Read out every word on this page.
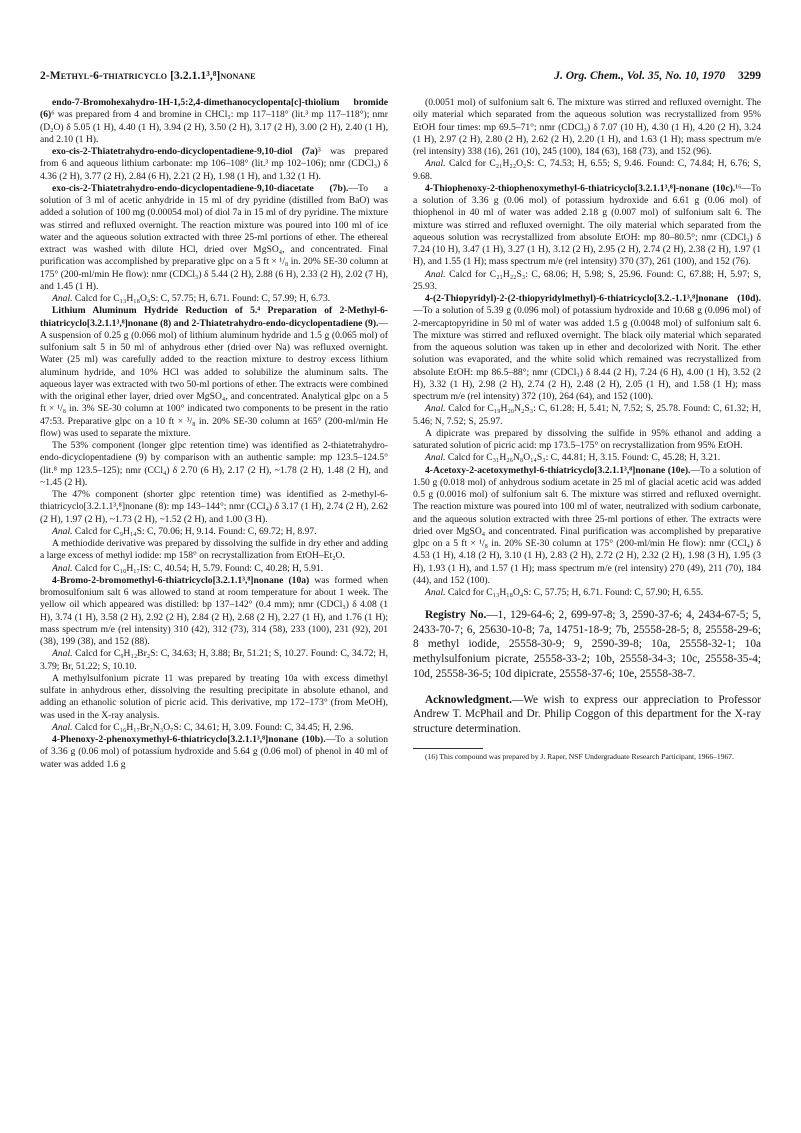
2-Methyl-6-thiatricyclo [3.2.1.1³,⁸]nonane	J. Org. Chem., Vol. 35, No. 10, 1970 3299

endo-7-Bromohexahydro-1H-1,5:2,4-dimethanocyclopenta[c]-thiolium bromide (6)⁶ was prepared from 4 and bromine in CHCl₃: mp 117–118° (lit.³ mp 117–118°); nmr (D₂O) δ 5.05 (1 H), 4.40 (1 H), 3.94 (2 H), 3.50 (2 H), 3.17 (2 H), 3.00 (2 H), 2.40 (1 H), and 2.10 (1 H).

exo-cis-2-Thiatetrahydro-endo-dicyclopentadiene-9,10-diol (7a)³ was prepared from 6 and aqueous lithium carbonate: mp 106–108° (lit.³ mp 102–106); nmr (CDCl₃) δ 4.36 (2 H), 3.77 (2 H), 2.84 (6 H), 2.21 (2 H), 1.98 (1 H), and 1.32 (1 H).

exo-cis-2-Thiatetrahydro-endo-dicyclopentadiene-9,10-diacetate (7b).—To a solution of 3 ml of acetic anhydride in 15 ml of dry pyridine (distilled from BaO) was added a solution of 100 mg (0.00054 mol) of diol 7a in 15 ml of dry pyridine. The mixture was stirred and refluxed overnight. The reaction mixture was poured into 100 ml of ice water and the aqueous solution extracted with three 25-ml portions of ether. The ethereal extract was washed with dilute HCl, dried over MgSO₄, and concentrated. Final purification was accomplished by preparative glpc on a 5 ft × ¹/₈ in. 20% SE-30 column at 175° (200-ml/min He flow): nmr (CDCl₃) δ 5.44 (2 H), 2.88 (6 H), 2.33 (2 H), 2.02 (7 H), and 1.45 (1 H).

Anal. Calcd for C₁₃H₁₈O₄S: C, 57.75; H, 6.71. Found: C, 57.99; H, 6.73.

Lithium Aluminum Hydride Reduction of 5.⁴ Preparation of 2-Methyl-6-thiatricyclo[3.2.1.1³,⁸]nonane (8) and 2-Thiatetrahydro-endo-dicyclopentadiene (9).—A suspension of 0.25 g (0.066 mol) of lithium aluminum hydride and 1.5 g (0.065 mol) of sulfonium salt 5 in 50 ml of anhydrous ether (dried over Na) was refluxed overnight. Water (25 ml) was carefully added to the reaction mixture to destroy excess lithium aluminum hydride, and 10% HCl was added to solubilize the aluminum salts. The aqueous layer was extracted with two 50-ml portions of ether. The extracts were combined with the original ether layer, dried over MgSO₄, and concentrated. Analytical glpc on a 5 ft × ¹/₈ in. 3% SE-30 column at 100° indicated two components to be present in the ratio 47:53. Preparative glpc on a 10 ft × ³/₈ in. 20% SE-30 column at 165° (200-ml/min He flow) was used to separate the mixture.

The 53% component (longer glpc retention time) was identified as 2-thiatetrahydro-endo-dicyclopentadiene (9) by comparison with an authentic sample: mp 123.5–124.5° (lit.⁸ mp 123.5–125); nmr (CCl₄) δ 2.70 (6 H), 2.17 (2 H), ~1.78 (2 H), 1.48 (2 H), and ~1.45 (2 H).

The 47% component (shorter glpc retention time) was identified as 2-methyl-6-thiatricyclo[3.2.1.1³,⁸]nonane (8): mp 143–144°; nmr (CCl₄) δ 3.17 (1 H), 2.74 (2 H), 2.62 (2 H), 1.97 (2 H), ~1.73 (2 H), ~1.52 (2 H), and 1.00 (3 H).

Anal. Calcd for C₉H₁₄S: C, 70.06; H, 9.14. Found: C, 69.72; H, 8.97.

A methiodide derivative was prepared by dissolving the sulfide in dry ether and adding a large excess of methyl iodide: mp 158° on recrystallization from EtOH–Et₂O.

Anal. Calcd for C₁₀H₁₇IS: C, 40.54; H, 5.79. Found: C, 40.28; H, 5.91.

4-Bromo-2-bromomethyl-6-thiatricyclo[3.2.1.1³,⁸]nonane (10a) was formed when bromosulfonium salt 6 was allowed to stand at room temperature for about 1 week. The yellow oil which appeared was distilled: bp 137–142° (0.4 mm); nmr (CDCl₃) δ 4.08 (1 H), 3.74 (1 H), 3.58 (2 H), 2.92 (2 H), 2.84 (2 H), 2.68 (2 H), 2.27 (1 H), and 1.76 (1 H); mass spectrum m/e (rel intensity) 310 (42), 312 (73), 314 (58), 233 (100), 231 (92), 201 (38), 199 (38), and 152 (88).

Anal. Calcd for C₉H₁₂Br₂S: C, 34.63; H, 3.88; Br, 51.21; S, 10.27. Found: C, 34.72; H, 3.79; Br, 51.22; S, 10.10.

A methylsulfonium picrate 11 was prepared by treating 10a with excess dimethyl sulfate in anhydrous ether, dissolving the resulting precipitate in absolute ethanol, and adding an ethanolic solution of picric acid. This derivative, mp 172–173° (from MeOH), was used in the X-ray analysis.

Anal. Calcd for C₁₆H₁₇Br₂N₃O₇S: C, 34.61; H, 3.09. Found: C, 34.45; H, 2.96.

4-Phenoxy-2-phenoxymethyl-6-thiatricyclo[3.2.1.1³,⁸]nonane (10b).—To a solution of 3.36 g (0.06 mol) of potassium hydroxide and 5.64 g (0.06 mol) of phenol in 40 ml of water was added 1.6 g

(0.0051 mol) of sulfonium salt 6. The mixture was stirred and refluxed overnight. The oily material which separated from the aqueous solution was recrystallized from 95% EtOH four times: mp 69.5–71°; nmr (CDCl₃) δ 7.07 (10 H), 4.30 (1 H), 4.20 (2 H), 3.24 (1 H), 2.97 (2 H), 2.80 (2 H), 2.62 (2 H), 2.20 (1 H), and 1.63 (1 H); mass spectrum m/e (rel intensity) 338 (16), 261 (10), 245 (100), 184 (63), 168 (73), and 152 (96).

Anal. Calcd for C₂₁H₂₂O₂S: C, 74.53; H, 6.55; S, 9.46. Found: C, 74.84; H, 6.76; S, 9.68.

4-Thiophenoxy-2-thiophenoxymethyl-6-thiatricyclo[3.2.1.1³,⁸]-nonane (10c).¹⁶—To a solution of 3.36 g (0.06 mol) of potassium hydroxide and 6.61 g (0.06 mol) of thiophenol in 40 ml of water was added 2.18 g (0.007 mol) of sulfonium salt 6. The mixture was stirred and refluxed overnight. The oily material which separated from the aqueous solution was recrystallized from absolute EtOH: mp 80–80.5°; nmr (CDCl₃) δ 7.24 (10 H), 3.47 (1 H), 3.27 (1 H), 3.12 (2 H), 2.95 (2 H), 2.74 (2 H), 2.38 (2 H), 1.97 (1 H), and 1.55 (1 H); mass spectrum m/e (rel intensity) 370 (37), 261 (100), and 152 (76).

Anal. Calcd for C₂₁H₂₂S₃: C, 68.06; H, 5.98; S, 25.96. Found: C, 67.88; H, 5.97; S, 25.93.

4-(2-Thiopyridyl)-2-(2-thiopyridylmethyl)-6-thiatricyclo[3.2.-1.1³,⁸]nonane (10d).—To a solution of 5.39 g (0.096 mol) of potassium hydroxide and 10.68 g (0.096 mol) of 2-mercaptopyridine in 50 ml of water was added 1.5 g (0.0048 mol) of sulfonium salt 6. The mixture was stirred and refluxed overnight. The black oily material which separated from the aqueous solution was taken up in ether and decolorized with Norit. The ether solution was evaporated, and the white solid which remained was recrystallized from absolute EtOH: mp 86.5–88°; nmr (CDCl₃) δ 8.44 (2 H), 7.24 (6 H), 4.00 (1 H), 3.52 (2 H), 3.32 (1 H), 2.98 (2 H), 2.74 (2 H), 2.48 (2 H), 2.05 (1 H), and 1.58 (1 H); mass spectrum m/e (rel intensity) 372 (10), 264 (64), and 152 (100).

Anal. Calcd for C₁₉H₂₀N₂S₃: C, 61.28; H, 5.41; N, 7.52; S, 25.78. Found: C, 61.32; H, 5.46; N, 7.52; S, 25.97.

A dipicrate was prepared by dissolving the sulfide in 95% ethanol and adding a saturated solution of picric acid: mp 173.5–175° on recrystallization from 95% EtOH.

Anal. Calcd for C₃₁H₂₆N₈O₁₄S₃: C, 44.81; H, 3.15. Found: C, 45.28; H, 3.21.

4-Acetoxy-2-acetoxymethyl-6-thiatricyclo[3.2.1.1³,⁸]nonane (10e).—To a solution of 1.50 g (0.018 mol) of anhydrous sodium acetate in 25 ml of glacial acetic acid was added 0.5 g (0.0016 mol) of sulfonium salt 6. The mixture was stirred and refluxed overnight. The reaction mixture was poured into 100 ml of water, neutralized with sodium carbonate, and the aqueous solution extracted with three 25-ml portions of ether. The extracts were dried over MgSO₄ and concentrated. Final purification was accomplished by preparative glpc on a 5 ft × ¹/₈ in. 20% SE-30 column at 175° (200-ml/min He flow): nmr (CCl₄) δ 4.53 (1 H), 4.18 (2 H), 3.10 (1 H), 2.83 (2 H), 2.72 (2 H), 2.32 (2 H), 1.98 (3 H), 1.95 (3 H), 1.93 (1 H), and 1.57 (1 H); mass spectrum m/e (rel intensity) 270 (49), 211 (70), 184 (44), and 152 (100).

Anal. Calcd for C₁₃H₁₈O₄S: C, 57.75; H, 6.71. Found: C, 57.90; H, 6.55.

Registry No.—1, 129-64-6; 2, 699-97-8; 3, 2590-37-6; 4, 2434-67-5; 5, 2433-70-7; 6, 25630-10-8; 7a, 14751-18-9; 7b, 25558-28-5; 8, 25558-29-6; 8 methyl iodide, 25558-30-9; 9, 2590-39-8; 10a, 25558-32-1; 10a methylsulfonium picrate, 25558-33-2; 10b, 25558-34-3; 10c, 25558-35-4; 10d, 25558-36-5; 10d dipicrate, 25558-37-6; 10e, 25558-38-7.

Acknowledgment.—We wish to express our appreciation to Professor Andrew T. McPhail and Dr. Philip Coggon of this department for the X-ray structure determination.

(16) This compound was prepared by J. Raper, NSF Undergraduate Research Participant, 1966–1967.
